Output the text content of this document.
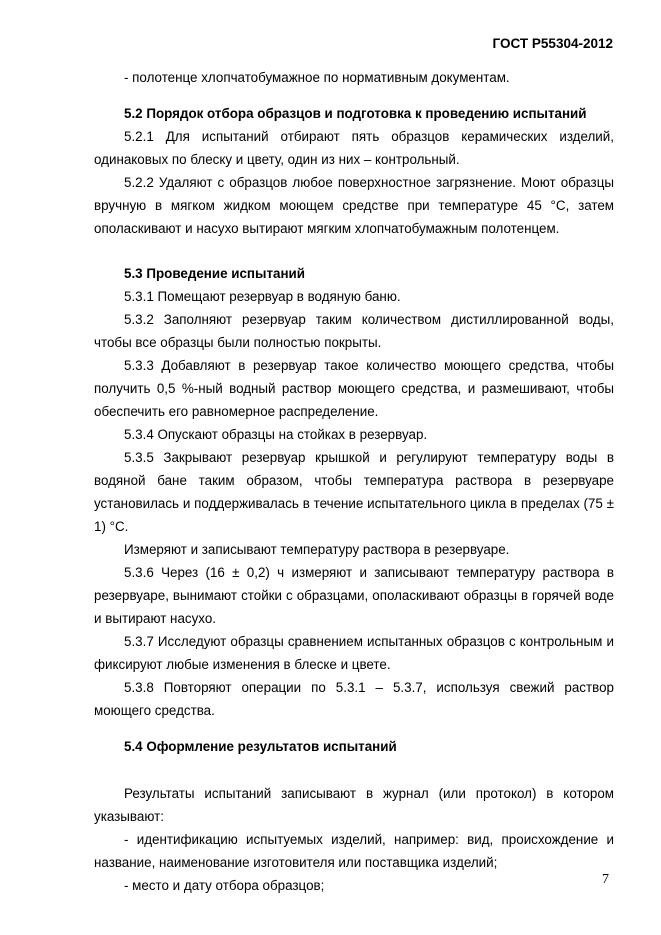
ГОСТ Р55304-2012

- полотенце хлопчатобумажное по нормативным документам.

5.2 Порядок отбора образцов и подготовка к проведению испытаний

5.2.1 Для испытаний отбирают пять образцов керамических изделий, одинаковых по блеску и цвету, один из них – контрольный.

5.2.2 Удаляют с образцов любое поверхностное загрязнение. Моют образцы вручную в мягком жидком моющем средстве при температуре 45 °С, затем ополаскивают и насухо вытирают мягким хлопчатобумажным полотенцем.

5.3 Проведение испытаний

5.3.1 Помещают резервуар в водяную баню.

5.3.2 Заполняют резервуар таким количеством дистиллированной воды, чтобы все образцы были полностью покрыты.

5.3.3 Добавляют в резервуар такое количество моющего средства, чтобы получить 0,5 %-ный водный раствор моющего средства, и размешивают, чтобы обеспечить его равномерное распределение.

5.3.4 Опускают образцы на стойках в резервуар.

5.3.5 Закрывают резервуар крышкой и регулируют температуру воды в водяной бане таким образом, чтобы температура раствора в резервуаре установилась и поддерживалась в течение испытательного цикла в пределах (75 ± 1) °С.

Измеряют и записывают температуру раствора в резервуаре.

5.3.6 Через (16 ± 0,2) ч измеряют и записывают температуру раствора в резервуаре, вынимают стойки с образцами, ополаскивают образцы в горячей воде и вытирают насухо.

5.3.7 Исследуют образцы сравнением испытанных образцов с контрольным и фиксируют любые изменения в блеске и цвете.

5.3.8 Повторяют операции по 5.3.1 – 5.3.7, используя свежий раствор моющего средства.

5.4 Оформление результатов испытаний

Результаты испытаний записывают в журнал (или протокол) в котором указывают:

- идентификацию испытуемых изделий, например: вид, происхождение и название, наименование изготовителя или поставщика изделий;

- место и дату отбора образцов;	7
